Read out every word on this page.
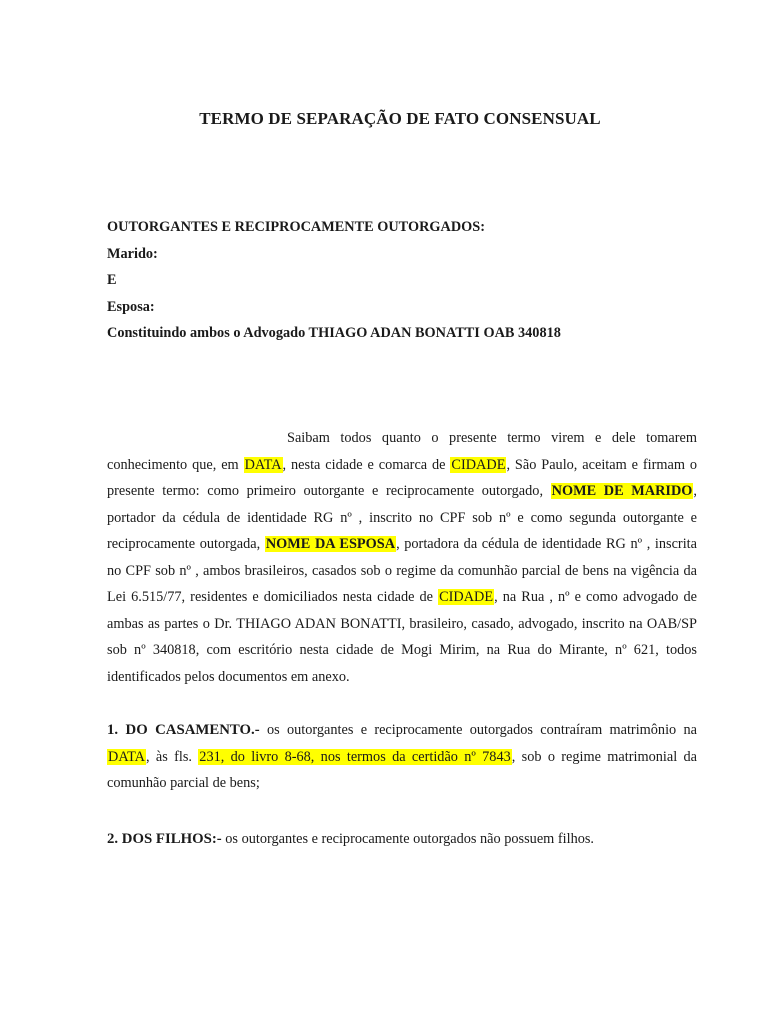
TERMO DE SEPARAÇÃO DE FATO CONSENSUAL
OUTORGANTES E RECIPROCAMENTE OUTORGADOS:
Marido:
E
Esposa:
Constituindo ambos o Advogado THIAGO ADAN BONATTI OAB 340818
Saibam todos quanto o presente termo virem e dele tomarem conhecimento que, em DATA, nesta cidade e comarca de CIDADE, São Paulo, aceitam e firmam o presente termo: como primeiro outorgante e reciprocamente outorgado, NOME DE MARIDO, portador da cédula de identidade RG nº , inscrito no CPF sob nº e como segunda outorgante e reciprocamente outorgada, NOME DA ESPOSA, portadora da cédula de identidade RG nº , inscrita no CPF sob nº , ambos brasileiros, casados sob o regime da comunhão parcial de bens na vigência da Lei 6.515/77, residentes e domiciliados nesta cidade de CIDADE, na Rua , nº e como advogado de ambas as partes o Dr. THIAGO ADAN BONATTI, brasileiro, casado, advogado, inscrito na OAB/SP sob nº 340818, com escritório nesta cidade de Mogi Mirim, na Rua do Mirante, nº 621, todos identificados pelos documentos em anexo.
1. DO CASAMENTO.- os outorgantes e reciprocamente outorgados contraíram matrimônio na DATA, às fls. 231, do livro 8-68, nos termos da certidão nº 7843, sob o regime matrimonial da comunhão parcial de bens;
2. DOS FILHOS:- os outorgantes e reciprocamente outorgados não possuem filhos.
